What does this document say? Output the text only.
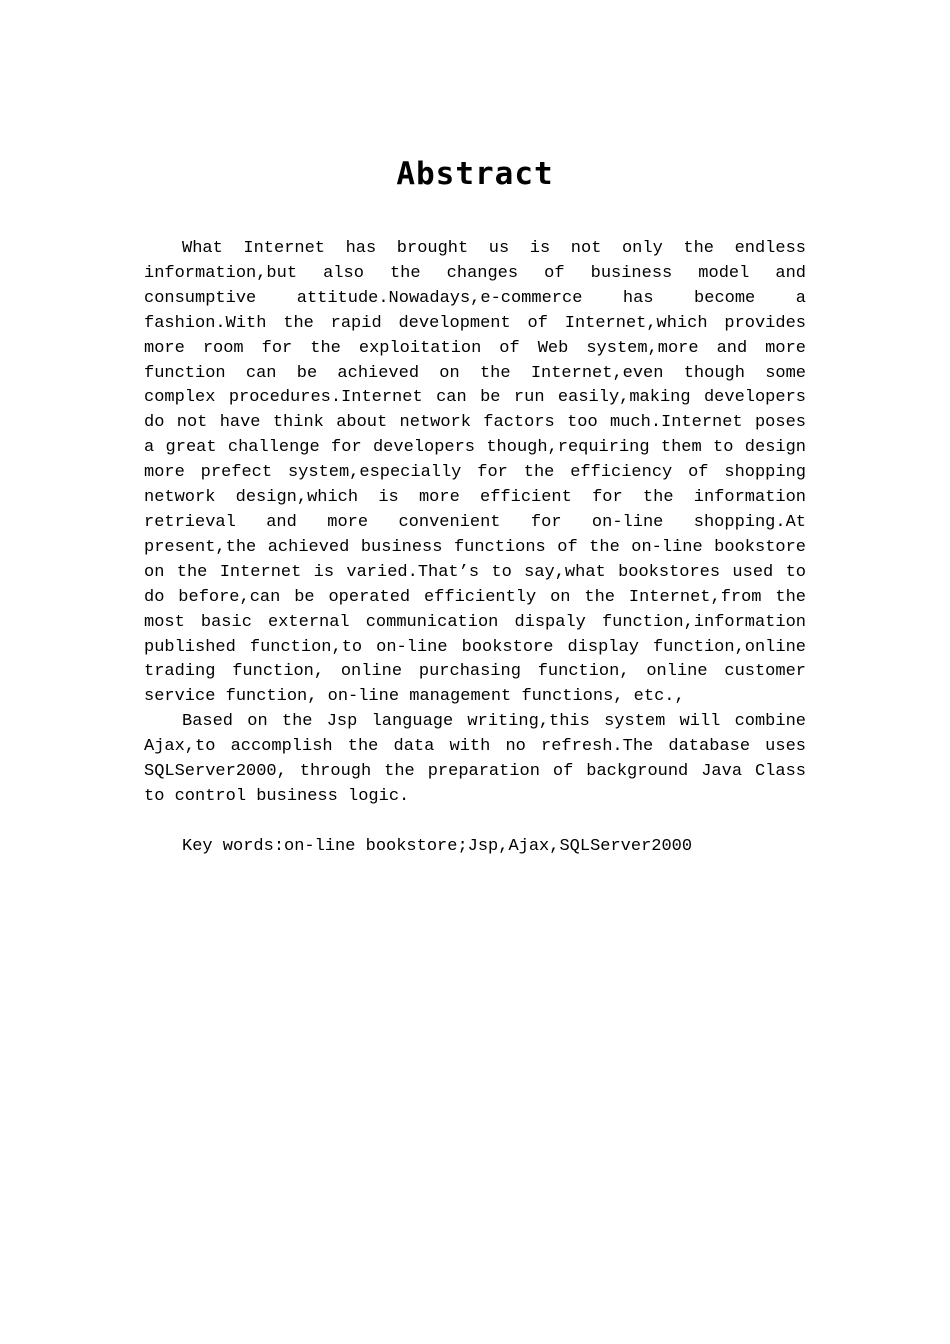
Abstract

What Internet has brought us is not only the endless information,but also the changes of business model and consumptive attitude.Nowadays,e-commerce has become a fashion.With the rapid development of Internet,which provides more room for the exploitation of Web system,more and more function can be achieved on the Internet,even though some complex procedures.Internet can be run easily,making developers do not have think about network factors too much.Internet poses a great challenge for developers though,requiring them to design more prefect system,especially for the efficiency of shopping network design,which is more efficient for the information retrieval and more convenient for on-line shopping.At present,the achieved business functions of the on-line bookstore on the Internet is varied.That’s to say,what bookstores used to do before,can be operated efficiently on the Internet,from the most basic external communication dispaly function,information published function,to on-line bookstore display function,online trading function, online purchasing function, online customer service function, on-line management functions, etc.,

Based on the Jsp language writing,this system will combine Ajax,to accomplish the data with no refresh.The database uses SQLServer2000, through the preparation of background Java Class to control business logic.

Key words:on-line bookstore;Jsp,Ajax,SQLServer2000
